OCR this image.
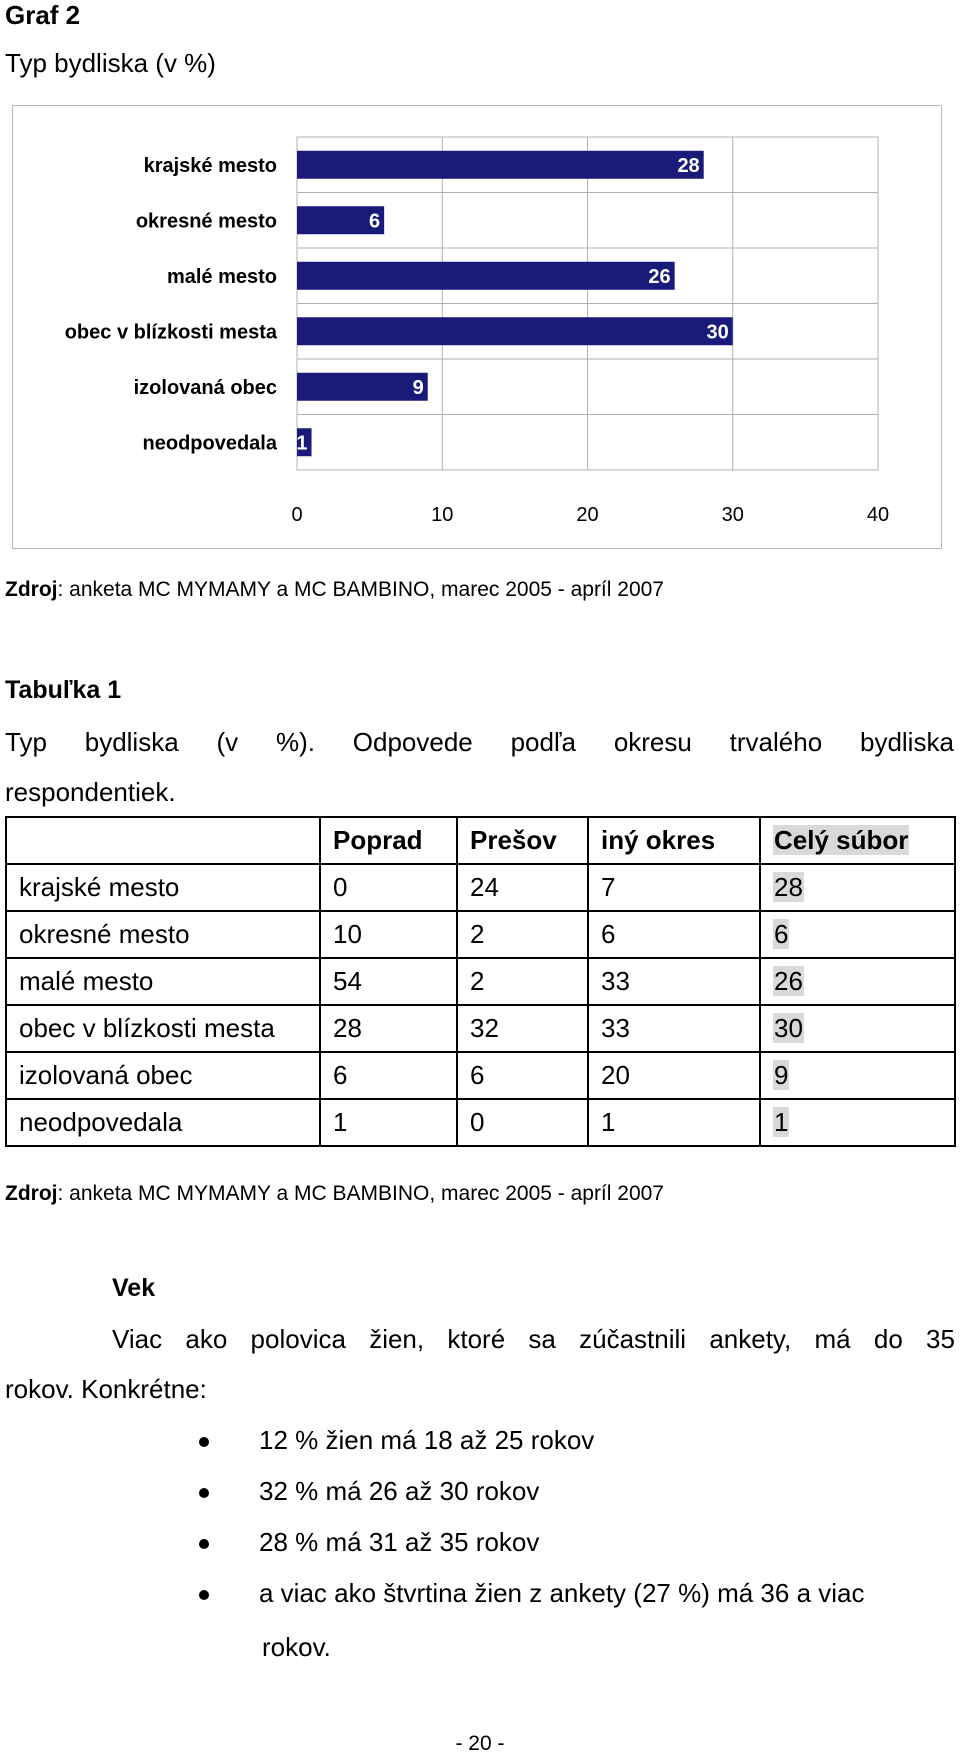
Graf 2
Typ bydliska (v %)
0	10	20	30	40
krajské mesto	28
okresné mesto	6
malé mesto	26
obec v blízkosti mesta	30
izolovaná obec	9
neodpovedala 1
Zdroj: anketa MC MYMAMY a MC BAMBINO, marec 2005 - apríl 2007
Tabuľka 1
Typ bydliska (v %). Odpovede podľa okresu trvalého bydliska
respondentiek.
	Poprad	Prešov	iný okres	Celý súbor
krajské mesto	0	24	7	28
okresné mesto	10	2	6	6
malé mesto	54	2	33	26
obec v blízkosti mesta	28	32	33	30
izolovaná obec	6	6	20	9
neodpovedala	1	0	1	1
Zdroj: anketa MC MYMAMY a MC BAMBINO, marec 2005 - apríl 2007
Vek
Viac ako polovica žien, ktoré sa zúčastnili ankety, má do 35
rokov. Konkrétne:
12 % žien má 18 až 25 rokov
32 % má 26 až 30 rokov
28 % má 31 až 35 rokov
a viac ako štvrtina žien z ankety (27 %) má 36 a viac
rokov.
- 20 -
